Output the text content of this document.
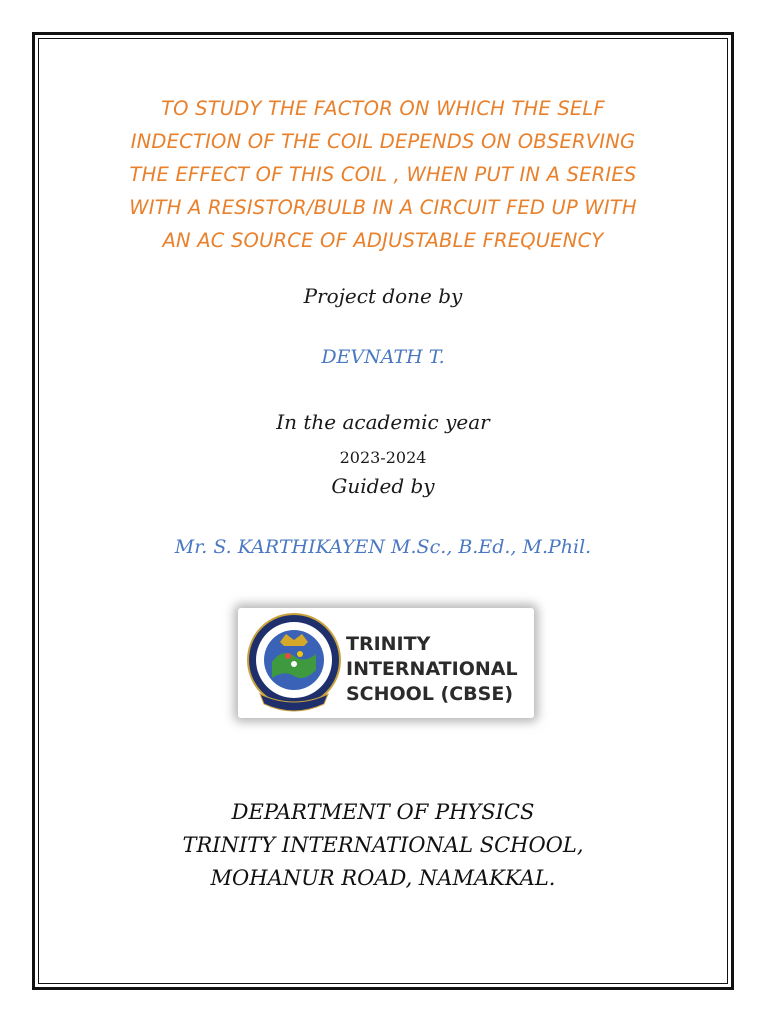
TO STUDY THE FACTOR ON WHICH THE SELF
INDECTION OF THE COIL DEPENDS ON OBSERVING
THE EFFECT OF THIS COIL , WHEN PUT IN A SERIES
WITH A RESISTOR/BULB IN A CIRCUIT FED UP WITH
AN AC SOURCE OF ADJUSTABLE FREQUENCY
Project done by
DEVNATH T.
In the academic year
2023-2024
Guided by
Mr. S. KARTHIKAYEN M.Sc., B.Ed., M.Phil.
TRINITY
INTERNATIONAL
SCHOOL (CBSE)
DEPARTMENT OF PHYSICS
TRINITY INTERNATIONAL SCHOOL,
MOHANUR ROAD, NAMAKKAL.
